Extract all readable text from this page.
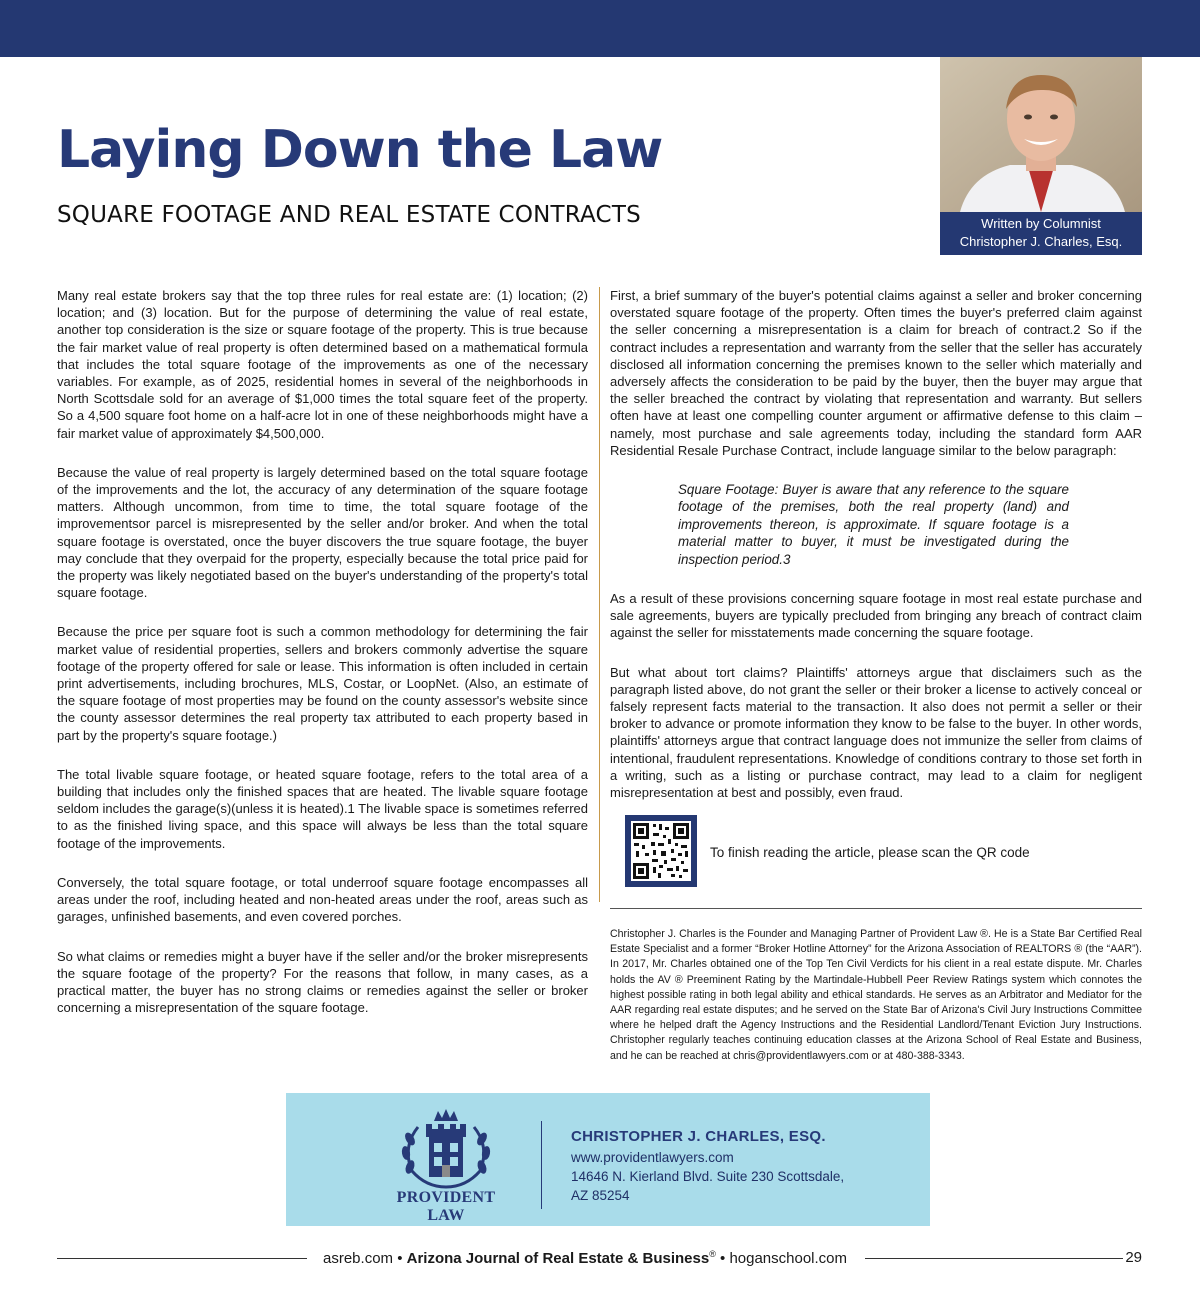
Laying Down the Law
SQUARE FOOTAGE AND REAL ESTATE CONTRACTS	Written by Columnist
Christopher J. Charles, Esq.

Many real estate brokers say that the top three rules for real estate are: (1) location; (2) location; and (3) location. But for the purpose of determining the value of real estate, another top consideration is the size or square footage of the property. This is true because the fair market value of real property is often determined based on a mathematical formula that includes the total square footage of the improvements as one of the necessary variables. For example, as of 2025, residential homes in several of the neighborhoods in North Scottsdale sold for an average of $1,000 times the total square feet of the property. So a 4,500 square foot home on a half-acre lot in one of these neighborhoods might have a fair market value of approximately $4,500,000.

Because the value of real property is largely determined based on the total square footage of the improvements and the lot, the accuracy of any determination of the square footage matters. Although uncommon, from time to time, the total square footage of the improvementsor parcel is misrepresented by the seller and/or broker. And when the total square footage is overstated, once the buyer discovers the true square footage, the buyer may conclude that they overpaid for the property, especially because the total price paid for the property was likely negotiated based on the buyer's understanding of the property's total square footage.

Because the price per square foot is such a common methodology for determining the fair market value of residential properties, sellers and brokers commonly advertise the square footage of the property offered for sale or lease. This information is often included in certain print advertisements, including brochures, MLS, Costar, or LoopNet. (Also, an estimate of the square footage of most properties may be found on the county assessor's website since the county assessor determines the real property tax attributed to each property based in part by the property's square footage.)

The total livable square footage, or heated square footage, refers to the total area of a building that includes only the finished spaces that are heated. The livable square footage seldom includes the garage(s)(unless it is heated).1 The livable space is sometimes referred to as the finished living space, and this space will always be less than the total square footage of the improvements.

Conversely, the total square footage, or total underroof square footage encompasses all areas under the roof, including heated and non-heated areas under the roof, areas such as garages, unfinished basements, and even covered porches.

So what claims or remedies might a buyer have if the seller and/or the broker misrepresents the square footage of the property? For the reasons that follow, in many cases, as a practical matter, the buyer has no strong claims or remedies against the seller or broker concerning a misrepresentation of the square footage.

First, a brief summary of the buyer's potential claims against a seller and broker concerning overstated square footage of the property. Often times the buyer's preferred claim against the seller concerning a misrepresentation is a claim for breach of contract.2 So if the contract includes a representation and warranty from the seller that the seller has accurately disclosed all information concerning the premises known to the seller which materially and adversely affects the consideration to be paid by the buyer, then the buyer may argue that the seller breached the contract by violating that representation and warranty. But sellers often have at least one compelling counter argument or affirmative defense to this claim – namely, most purchase and sale agreements today, including the standard form AAR Residential Resale Purchase Contract, include language similar to the below paragraph:

Square Footage: Buyer is aware that any reference to the square footage of the premises, both the real property (land) and improvements thereon, is approximate. If square footage is a material matter to buyer, it must be investigated during the inspection period.3

As a result of these provisions concerning square footage in most real estate purchase and sale agreements, buyers are typically precluded from bringing any breach of contract claim against the seller for misstatements made concerning the square footage.

But what about tort claims? Plaintiffs' attorneys argue that disclaimers such as the paragraph listed above, do not grant the seller or their broker a license to actively conceal or falsely represent facts material to the transaction. It also does not permit a seller or their broker to advance or promote information they know to be false to the buyer. In other words, plaintiffs' attorneys argue that contract language does not immunize the seller from claims of intentional, fraudulent representations. Knowledge of conditions contrary to those set forth in a writing, such as a listing or purchase contract, may lead to a claim for negligent misrepresentation at best and possibly, even fraud.

To finish reading the article, please scan the QR code
Christopher J. Charles is the Founder and Managing Partner of Provident Law ®. He is a State Bar Certified Real Estate Specialist and a former “Broker Hotline Attorney” for the Arizona Association of REALTORS ® (the “AAR”). In 2017, Mr. Charles obtained one of the Top Ten Civil Verdicts for his client in a real estate dispute. Mr. Charles holds the AV ® Preeminent Rating by the Martindale-Hubbell Peer Review Ratings system which connotes the highest possible rating in both legal ability and ethical standards. He serves as an Arbitrator and Mediator for the AAR regarding real estate disputes; and he served on the State Bar of Arizona's Civil Jury Instructions Committee where he helped draft the Agency Instructions and the Residential Landlord/Tenant Eviction Jury Instructions. Christopher regularly teaches continuing education classes at the Arizona School of Real Estate and Business, and he can be reached at chris@providentlawyers.com or at 480-388-3343.
PROVIDENT LAW
CHRISTOPHER J. CHARLES, ESQ.
www.providentlawyers.com
14646 N. Kierland Blvd. Suite 230 Scottsdale,
AZ 85254
asreb.com • Arizona Journal of Real Estate & Business® • hoganschool.com	29
